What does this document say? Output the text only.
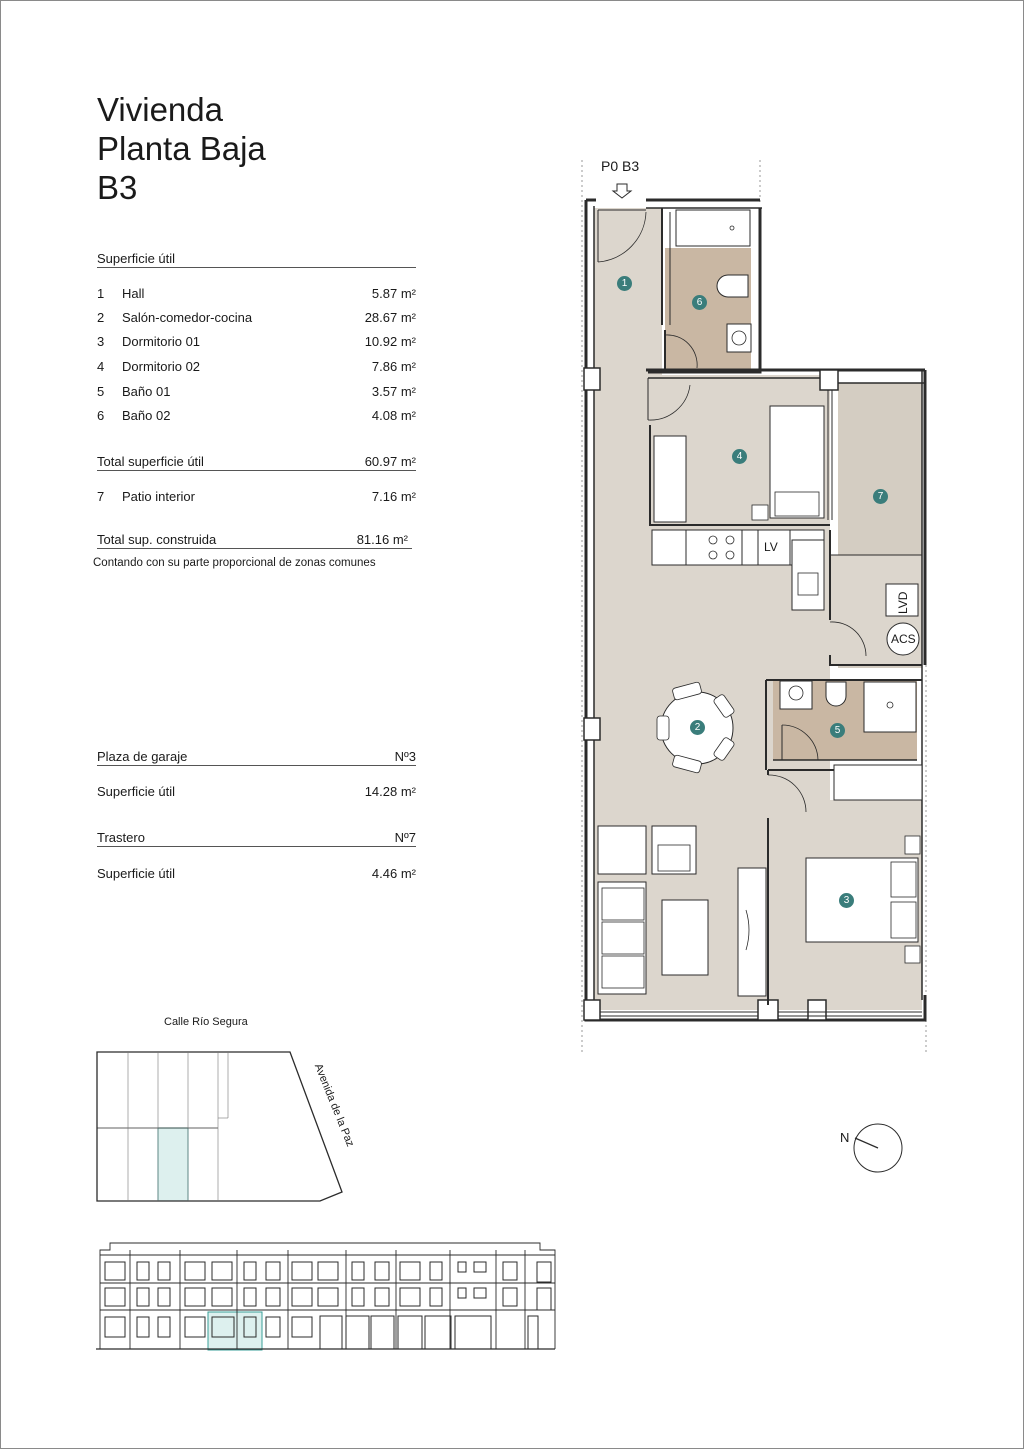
Vivienda
Planta Baja
B3
Superficie útil
1 Hall	5.87 m²
2 Salón-comedor-cocina	28.67 m²
3 Dormitorio 01	10.92 m²
4 Dormitorio 02	7.86 m²
5 Baño 01	3.57 m²
6 Baño 02	4.08 m²
Total superficie útil	60.97 m²
7 Patio interior	7.16 m²
Total sup. construida	81.16 m²
Contando con su parte proporcional de zonas comunes
Plaza de garaje	Nº3
Superficie útil	14.28 m²
Trastero	Nº7
Superficie útil	4.46 m²
P0 B3
LV
LVD
ACS
1
2
3
4
5
6
7
Calle Río Segura
Avenida de la Paz	N
